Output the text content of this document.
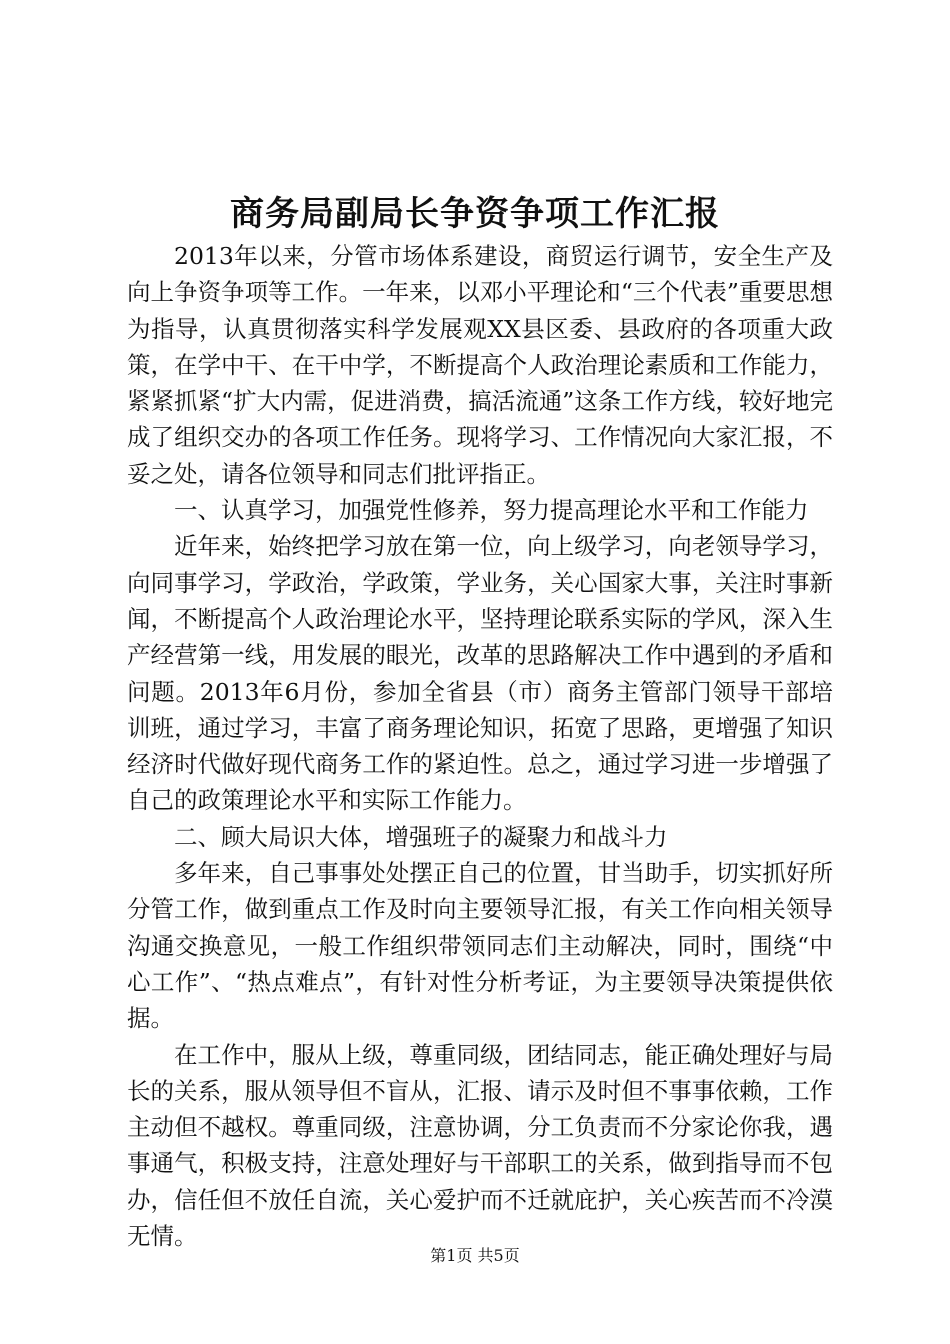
商务局副局长争资争项工作汇报

2013年以来，分管市场体系建设，商贸运行调节，安全生产及向上争资争项等工作。一年来，以邓小平理论和“三个代表”重要思想为指导，认真贯彻落实科学发展观XX县区委、县政府的各项重大政策，在学中干、在干中学，不断提高个人政治理论素质和工作能力，紧紧抓紧“扩大内需，促进消费，搞活流通”这条工作方线，较好地完成了组织交办的各项工作任务。现将学习、工作情况向大家汇报，不妥之处，请各位领导和同志们批评指正。

一、认真学习，加强党性修养，努力提高理论水平和工作能力

近年来，始终把学习放在第一位，向上级学习，向老领导学习，向同事学习，学政治，学政策，学业务，关心国家大事，关注时事新闻，不断提高个人政治理论水平，坚持理论联系实际的学风，深入生产经营第一线，用发展的眼光，改革的思路解决工作中遇到的矛盾和问题。2013年6月份，参加全省县（市）商务主管部门领导干部培训班，通过学习，丰富了商务理论知识，拓宽了思路，更增强了知识经济时代做好现代商务工作的紧迫性。总之，通过学习进一步增强了自己的政策理论水平和实际工作能力。

二、顾大局识大体，增强班子的凝聚力和战斗力

多年来，自己事事处处摆正自己的位置，甘当助手，切实抓好所分管工作，做到重点工作及时向主要领导汇报，有关工作向相关领导沟通交换意见，一般工作组织带领同志们主动解决，同时，围绕“中心工作”、“热点难点”，有针对性分析考证，为主要领导决策提供依据。

在工作中，服从上级，尊重同级，团结同志，能正确处理好与局长的关系，服从领导但不盲从，汇报、请示及时但不事事依赖，工作主动但不越权。尊重同级，注意协调，分工负责而不分家论你我，遇事通气，积极支持，注意处理好与干部职工的关系，做到指导而不包办，信任但不放任自流，关心爱护而不迁就庇护，关心疾苦而不冷漠无情。

第1页 共5页
